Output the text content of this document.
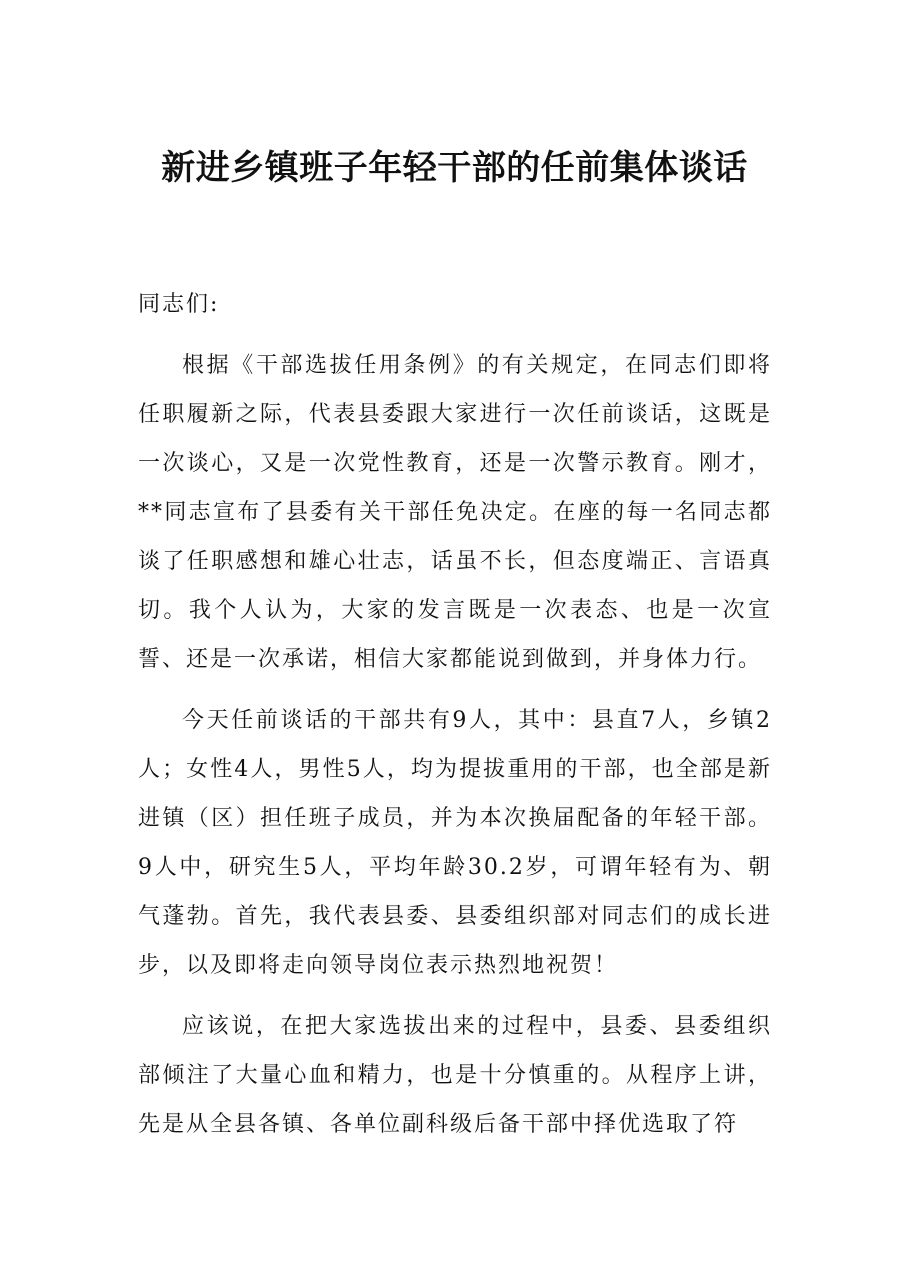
新进乡镇班子年轻干部的任前集体谈话

同志们:

根据《干部选拔任用条例》的有关规定，在同志们即将任职履新之际，代表县委跟大家进行一次任前谈话，这既是一次谈心，又是一次党性教育，还是一次警示教育。刚才，**同志宣布了县委有关干部任免决定。在座的每一名同志都谈了任职感想和雄心壮志，话虽不长，但态度端正、言语真切。我个人认为，大家的发言既是一次表态、也是一次宣誓、还是一次承诺，相信大家都能说到做到，并身体力行。

今天任前谈话的干部共有9人，其中：县直7人，乡镇2人；女性4人，男性5人，均为提拔重用的干部，也全部是新进镇（区）担任班子成员，并为本次换届配备的年轻干部。9人中，研究生5人，平均年龄30.2岁，可谓年轻有为、朝气蓬勃。首先，我代表县委、县委组织部对同志们的成长进步，以及即将走向领导岗位表示热烈地祝贺！

应该说，在把大家选拔出来的过程中，县委、县委组织部倾注了大量心血和精力，也是十分慎重的。从程序上讲，先是从全县各镇、各单位副科级后备干部中择优选取了符
